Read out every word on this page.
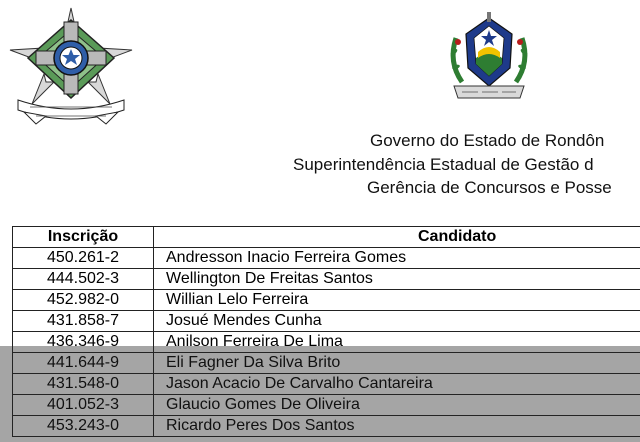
Governo do Estado de Rondôn
Superintendência Estadual de Gestão d
Gerência de Concursos e Posse
Inscrição	Candidato
450.261-2	Andresson Inacio Ferreira Gomes
444.502-3	Wellington De Freitas Santos
452.982-0	Willian Lelo Ferreira
431.858-7	Josué Mendes Cunha
436.346-9	Anilson Ferreira De Lima
441.644-9	Eli Fagner Da Silva Brito
431.548-0	Jason Acacio De Carvalho Cantareira
401.052-3	Glaucio Gomes De Oliveira
453.243-0	Ricardo Peres Dos Santos
